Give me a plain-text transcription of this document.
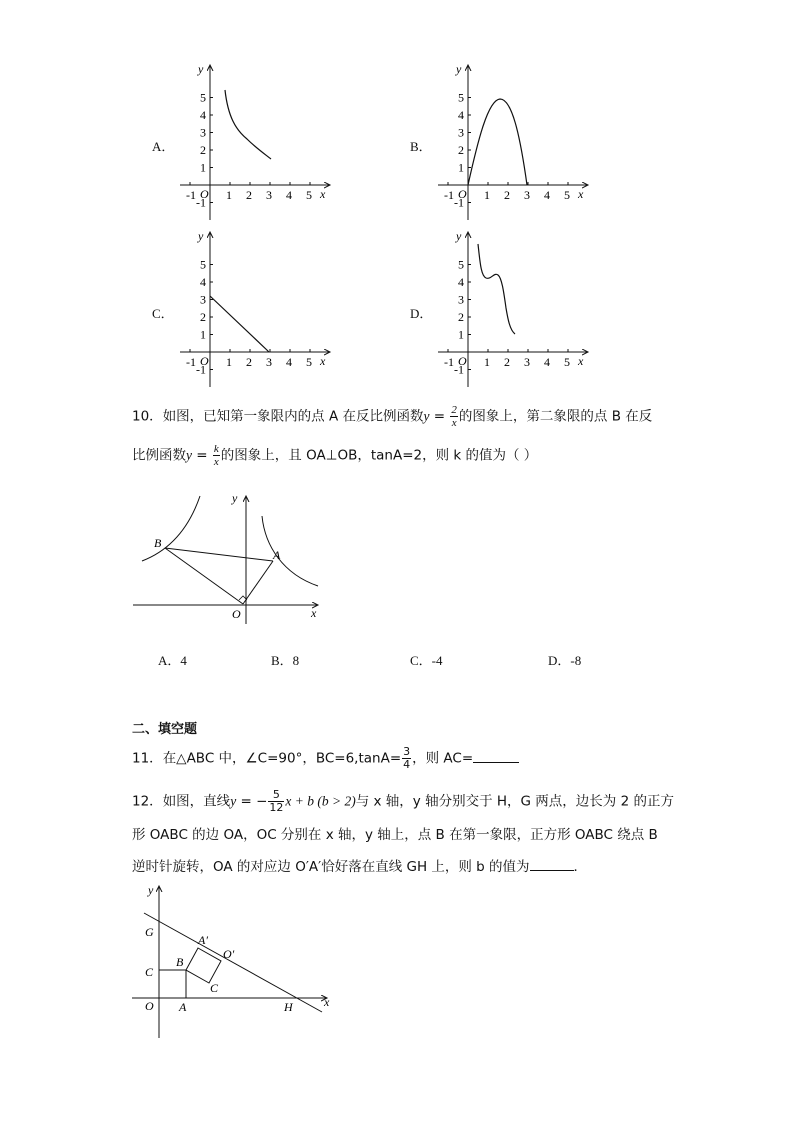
A．
-1	1 2 3 4 5
5
4
3
2
1
-1
O	x
y
B．
-1	1 2 3 4 5
5
4
3
2
1
-1
O	x
y
C．
-1	1 2 3 4 5
5
4
3
2
1
-1
O	x
y
D．
-1	1 2 3 4 5
5
4
3
2
1
-1
O	x
y
10．如图，已知第一象限内的点 A 在反比例函数$y = \frac{2}{x}$ 的图象上，第二象限的点 B 在反
比例函数$y = \frac{k}{x}$ 的图象上，且 OA⊥OB，tanA=2，则 k 的值为（ ）
B
A
O	x
y
A．4	B．8	C．-4	D．-8
二、填空题
11．在△ABC 中，∠C=90°，$BC=6,\tan A= \frac{3}{4}$ ，则 AC=
12．如图，直线y = − $\frac{5}{12}$ x + b (b > 2)与 x 轴，y 轴分别交于 H，G 两点，边长为 2 的正方
形 OABC 的边 OA，OC 分别在 x 轴，y 轴上，点 B 在第一象限，正方形 OABC 绕点 B
逆时针旋转，OA 的对应边 O′A′恰好落在直线 GH 上，则 b 的值为	．
y
x
G
C
O A	H
B
A′
O′
C
